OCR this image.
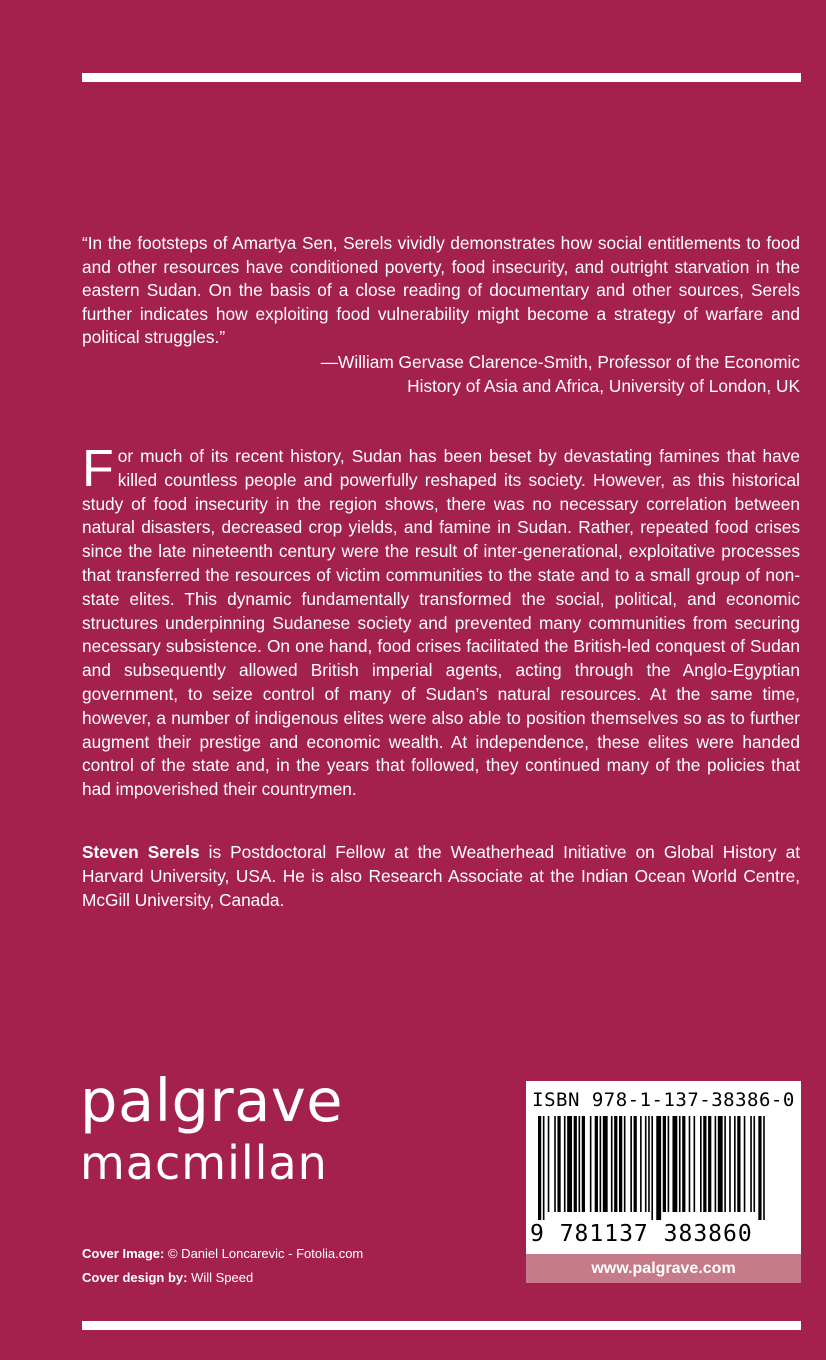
“In the footsteps of Amartya Sen, Serels vividly demonstrates how social entitlements to food and other resources have conditioned poverty, food insecurity, and outright starvation in the eastern Sudan. On the basis of a close reading of documentary and other sources, Serels further indicates how exploiting food vulnerability might become a strategy of warfare and political struggles.”
—William Gervase Clarence-Smith, Professor of the Economic
History of Asia and Africa, University of London, UK
For much of its recent history, Sudan has been beset by devastating famines that have killed countless people and powerfully reshaped its society. However, as this historical study of food insecurity in the region shows, there was no necessary correlation between natural disasters, decreased crop yields, and famine in Sudan. Rather, repeated food crises since the late nineteenth century were the result of inter-generational, exploitative processes that transferred the resources of victim communities to the state and to a small group of non-state elites. This dynamic fundamentally transformed the social, political, and economic structures underpinning Sudanese society and prevented many communities from securing necessary subsistence. On one hand, food crises facilitated the British-led conquest of Sudan and subsequently allowed British imperial agents, acting through the Anglo-Egyptian government, to seize control of many of Sudan’s natural resources. At the same time, however, a number of indigenous elites were also able to position themselves so as to further augment their prestige and economic wealth. At independence, these elites were handed control of the state and, in the years that followed, they continued many of the policies that had impoverished their countrymen.
Steven Serels is Postdoctoral Fellow at the Weatherhead Initiative on Global History at Harvard University, USA. He is also Research Associate at the Indian Ocean World Centre, McGill University, Canada.
palgrave
macmillan
Cover Image: © Daniel Loncarevic - Fotolia.com
Cover design by: Will Speed
ISBN 978-1-137-38386-0
9 781137 383860
www.palgrave.com
